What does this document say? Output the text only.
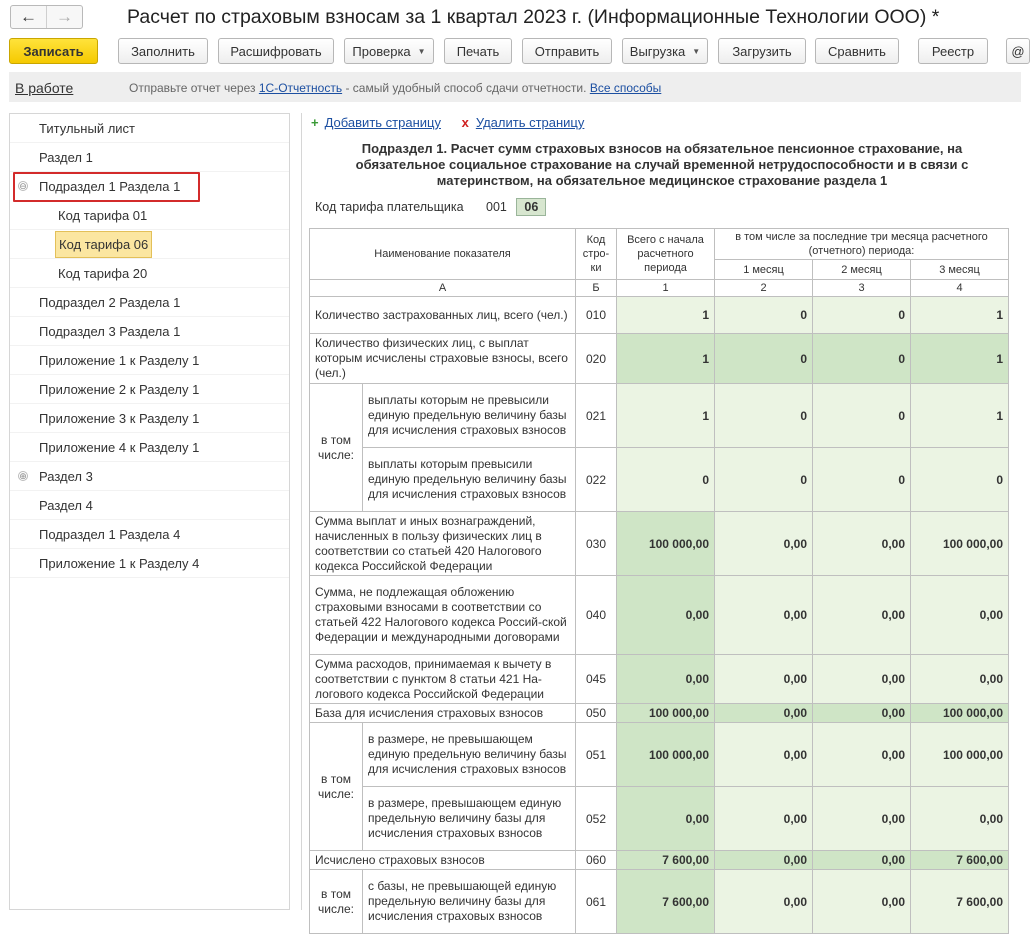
←	→	Расчет по страховым взносам за 1 квартал 2023 г. (Информационные Технологии ООО) *
Записать	Заполнить	Расшифровать	Проверка ▼	Печать	Отправить	Выгрузка ▼	Загрузить	Сравнить	Реестр	@
В работе	Отправьте отчет через 1С-Отчетность - самый удобный способ сдачи отчетности. Все способы
Титульный лист
Раздел 1
⊖ Подраздел 1 Раздела 1
Код тарифа 01
Код тарифа 06
Код тарифа 20
Подраздел 2 Раздела 1
Подраздел 3 Раздела 1
Приложение 1 к Разделу 1
Приложение 2 к Разделу 1
Приложение 3 к Разделу 1
Приложение 4 к Разделу 1
⊕ Раздел 3
Раздел 4
Подраздел 1 Раздела 4
Приложение 1 к Разделу 4
+ Добавить страницу x Удалить страницу
Подраздел 1. Расчет сумм страховых взносов на обязательное пенсионное страхование, на обязательное социальное страхование на случай временной нетрудоспособности и в связи с материнством, на обязательное медицинское страхование раздела 1
Код тарифа плательщика 001 06
Наименование показателя		Код стро-ки	Всего с начала расчетного периода	в том числе за последние три месяца расчетного (отчетного) периода:		
				1 месяц	2 месяц	3 месяц
А		Б	1	2	3	4
Количество застрахованных лиц, всего (чел.)		010	1	0	0	1
Количество физических лиц, с выплат которым исчислены страховые взносы, всего (чел.)		020	1	0	0	1
в том числе:	выплаты которым не превысили единую предельную величину базы для исчисления страховых взносов	021	1	0	0	1
	выплаты которым превысили единую предельную величину базы для исчисления страховых взносов	022	0	0	0	0
Сумма выплат и иных вознаграждений, начисленных в пользу физических лиц в соответствии со статьей 420 Налогового кодекса Российской Федерации		030	100 000,00	0,00	0,00	100 000,00
Сумма, не подлежащая обложению страховыми взносами в соответствии со статьей 422 Налогового кодекса Россий-ской Федерации и международными договорами		040	0,00	0,00	0,00	0,00
Сумма расходов, принимаемая к вычету в соответствии с пунктом 8 статьи 421 На-логового кодекса Российской Федерации		045	0,00	0,00	0,00	0,00
База для исчисления страховых взносов		050	100 000,00	0,00	0,00	100 000,00
в том числе:	в размере, не превышающем единую предельную величину базы для исчисления страховых взносов	051	100 000,00	0,00	0,00	100 000,00
	в размере, превышающем единую предельную величину базы для исчисления страховых взносов	052	0,00	0,00	0,00	0,00
Исчислено страховых взносов		060	7 600,00	0,00	0,00	7 600,00
в том числе:	с базы, не превышающей единую предельную величину базы для исчисления страховых взносов	061	7 600,00	0,00	0,00	7 600,00
